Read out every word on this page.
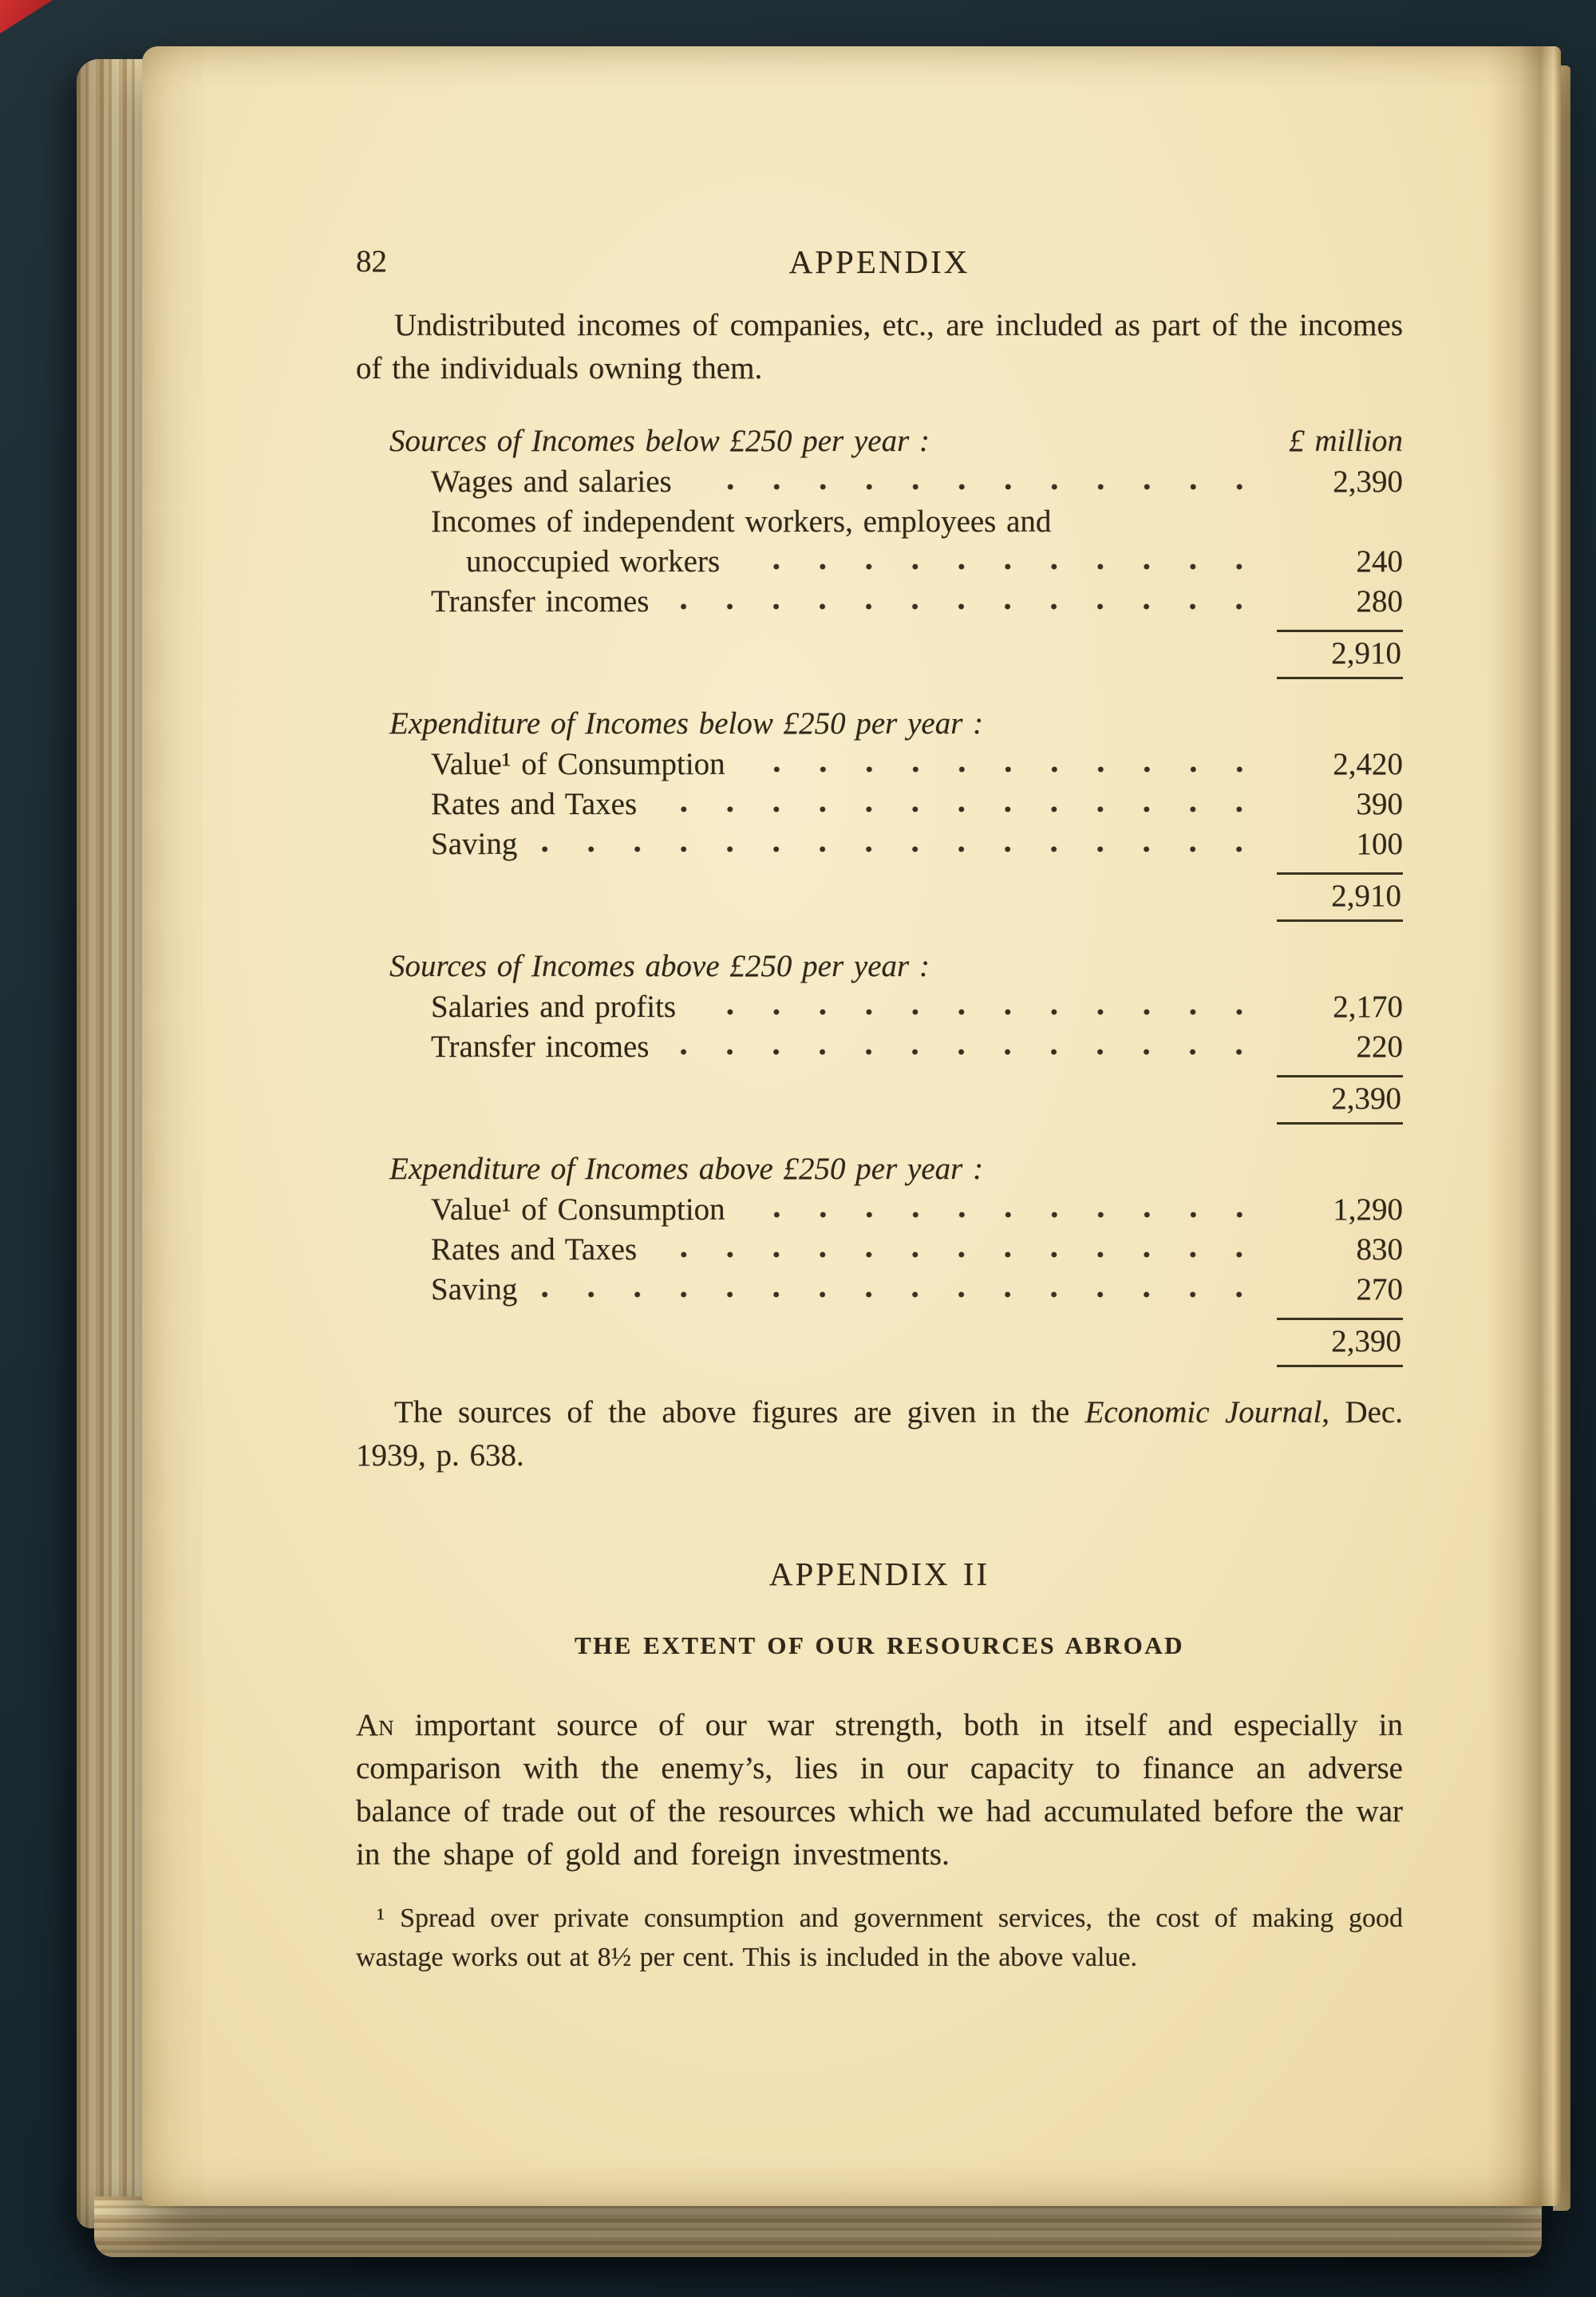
82	APPENDIX

Undistributed incomes of companies, etc., are included as part of the incomes of the individuals owning them.

Sources of Incomes below £250 per year :	£ million
Wages and salaries	2,390
Incomes of independent workers, employees and
unoccupied workers	240
Transfer incomes	280
2,910
Expenditure of Incomes below £250 per year :
Value¹ of Consumption	2,420
Rates and Taxes	390
Saving	100
2,910
Sources of Incomes above £250 per year :
Salaries and profits	2,170
Transfer incomes	220
2,390
Expenditure of Incomes above £250 per year :
Value¹ of Consumption	1,290
Rates and Taxes	830
Saving	270
2,390

The sources of the above figures are given in the Economic Journal, Dec. 1939, p. 638.

APPENDIX II
THE EXTENT OF OUR RESOURCES ABROAD

An important source of our war strength, both in itself and especially in comparison with the enemy’s, lies in our capacity to finance an adverse balance of trade out of the resources which we had accumulated before the war in the shape of gold and foreign investments.

¹ Spread over private consumption and government services, the cost of making good wastage works out at 8½ per cent. This is included in the above value.
